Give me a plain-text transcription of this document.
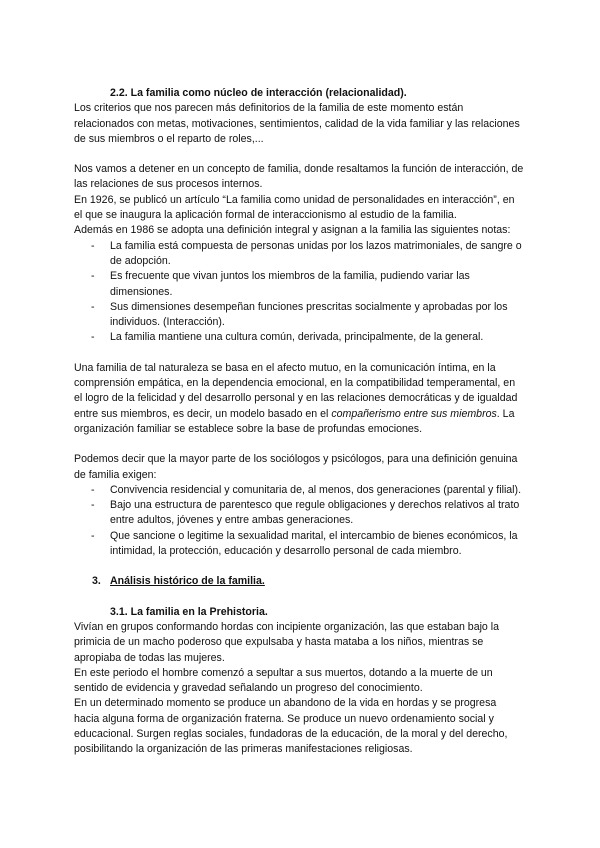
2.2. La familia como núcleo de interacción (relacionalidad).

Los criterios que nos parecen más definitorios de la familia de este momento están relacionados con metas, motivaciones, sentimientos, calidad de la vida familiar y las relaciones de sus miembros o el reparto de roles,...

Nos vamos a detener en un concepto de familia, donde resaltamos la función de interacción, de las relaciones de sus procesos internos.

En 1926, se publicó un artículo “La familia como unidad de personalidades en interacción”, en el que se inaugura la aplicación formal de interaccionismo al estudio de la familia.

Además en 1986 se adopta una definición integral y asignan a la familia las siguientes notas:

- La familia está compuesta de personas unidas por los lazos matrimoniales, de sangre o de adopción.
- Es frecuente que vivan juntos los miembros de la familia, pudiendo variar las dimensiones.
- Sus dimensiones desempeñan funciones prescritas socialmente y aprobadas por los individuos. (Interacción).
- La familia mantiene una cultura común, derivada, principalmente, de la general.

Una familia de tal naturaleza se basa en el afecto mutuo, en la comunicación íntima, en la comprensión empática, en la dependencia emocional, en la compatibilidad temperamental, en el logro de la felicidad y del desarrollo personal y en las relaciones democráticas y de igualdad entre sus miembros, es decir, un modelo basado en el compañerismo entre sus miembros. La organización familiar se establece sobre la base de profundas emociones.

Podemos decir que la mayor parte de los sociólogos y psicólogos, para una definición genuina de familia exigen:

- Convivencia residencial y comunitaria de, al menos, dos generaciones (parental y filial).
- Bajo una estructura de parentesco que regule obligaciones y derechos relativos al trato entre adultos, jóvenes y entre ambas generaciones.
- Que sancione o legitime la sexualidad marital, el intercambio de bienes económicos, la intimidad, la protección, educación y desarrollo personal de cada miembro.

3. Análisis histórico de la familia.

3.1. La familia en la Prehistoria.

Vivían en grupos conformando hordas con incipiente organización, las que estaban bajo la primicia de un macho poderoso que expulsaba y hasta mataba a los niños, mientras se apropiaba de todas las mujeres.

En este periodo el hombre comenzó a sepultar a sus muertos, dotando a la muerte de un sentido de evidencia y gravedad señalando un progreso del conocimiento.

En un determinado momento se produce un abandono de la vida en hordas y se progresa hacia alguna forma de organización fraterna. Se produce un nuevo ordenamiento social y educacional. Surgen reglas sociales, fundadoras de la educación, de la moral y del derecho, posibilitando la organización de las primeras manifestaciones religiosas.
